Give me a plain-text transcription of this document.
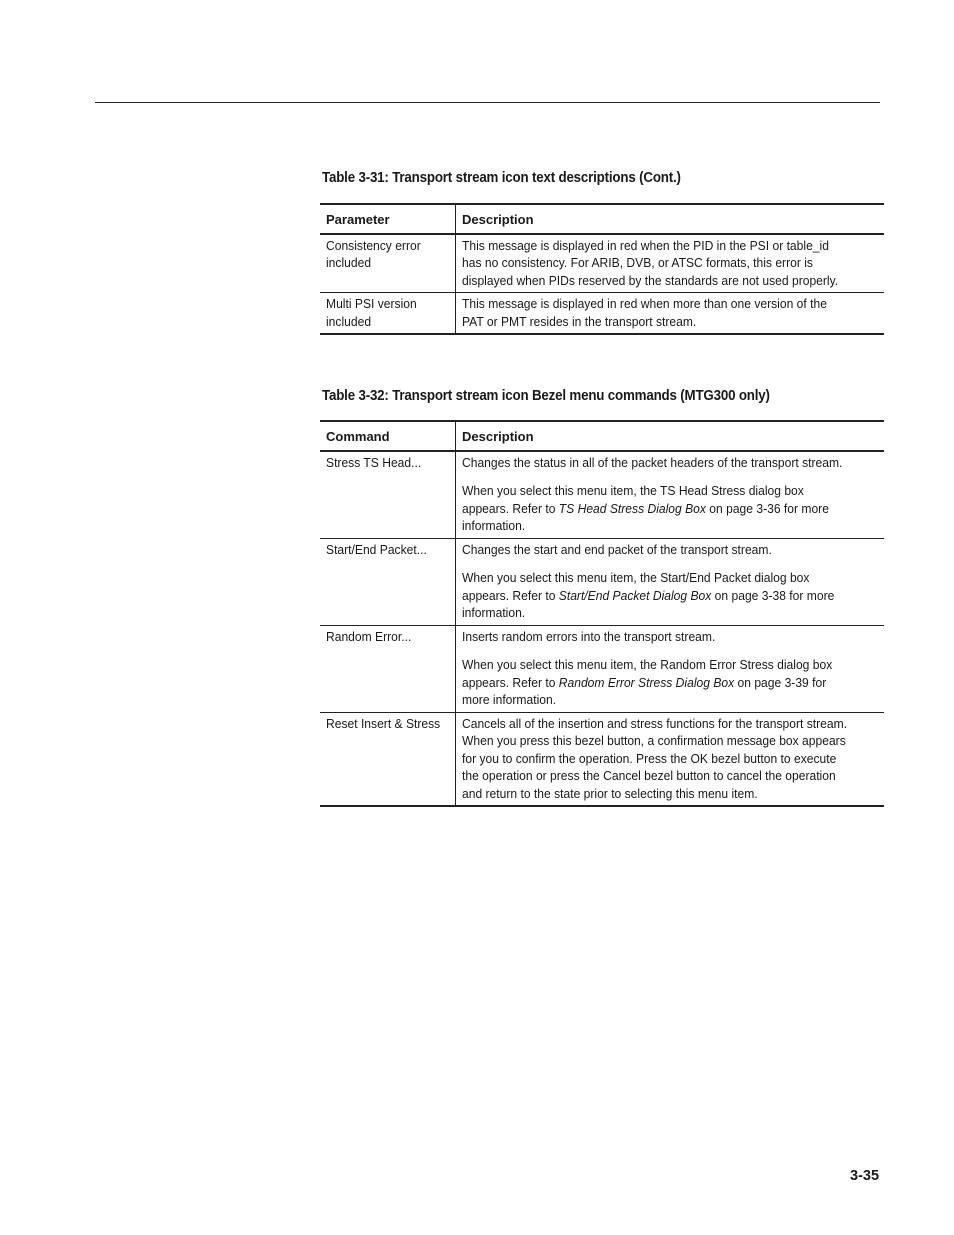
Table 3-31: Transport stream icon text descriptions (Cont.)
Parameter	Description
Consistency error included	This message is displayed in red when the PID in the PSI or table_id has no consistency. For ARIB, DVB, or ATSC formats, this error is displayed when PIDs reserved by the standards are not used properly.
Multi PSI version included	This message is displayed in red when more than one version of the PAT or PMT resides in the transport stream.
Table 3-32: Transport stream icon Bezel menu commands (MTG300 only)
Command	Description
Stress TS Head...	Changes the status in all of the packet headers of the transport stream.

When you select this menu item, the TS Head Stress dialog box appears. Refer to TS Head Stress Dialog Box on page 3-36 for more information.

Start/End Packet...	Changes the start and end packet of the transport stream.

When you select this menu item, the Start/End Packet dialog box appears. Refer to Start/End Packet Dialog Box on page 3-38 for more information.

Random Error...	Inserts random errors into the transport stream.

When you select this menu item, the Random Error Stress dialog box appears. Refer to Random Error Stress Dialog Box on page 3-39 for more information.

Reset Insert & Stress	Cancels all of the insertion and stress functions for the transport stream. When you press this bezel button, a confirmation message box appears for you to confirm the operation. Press the OK bezel button to execute the operation or press the Cancel bezel button to cancel the operation and return to the state prior to selecting this menu item.

3-35
